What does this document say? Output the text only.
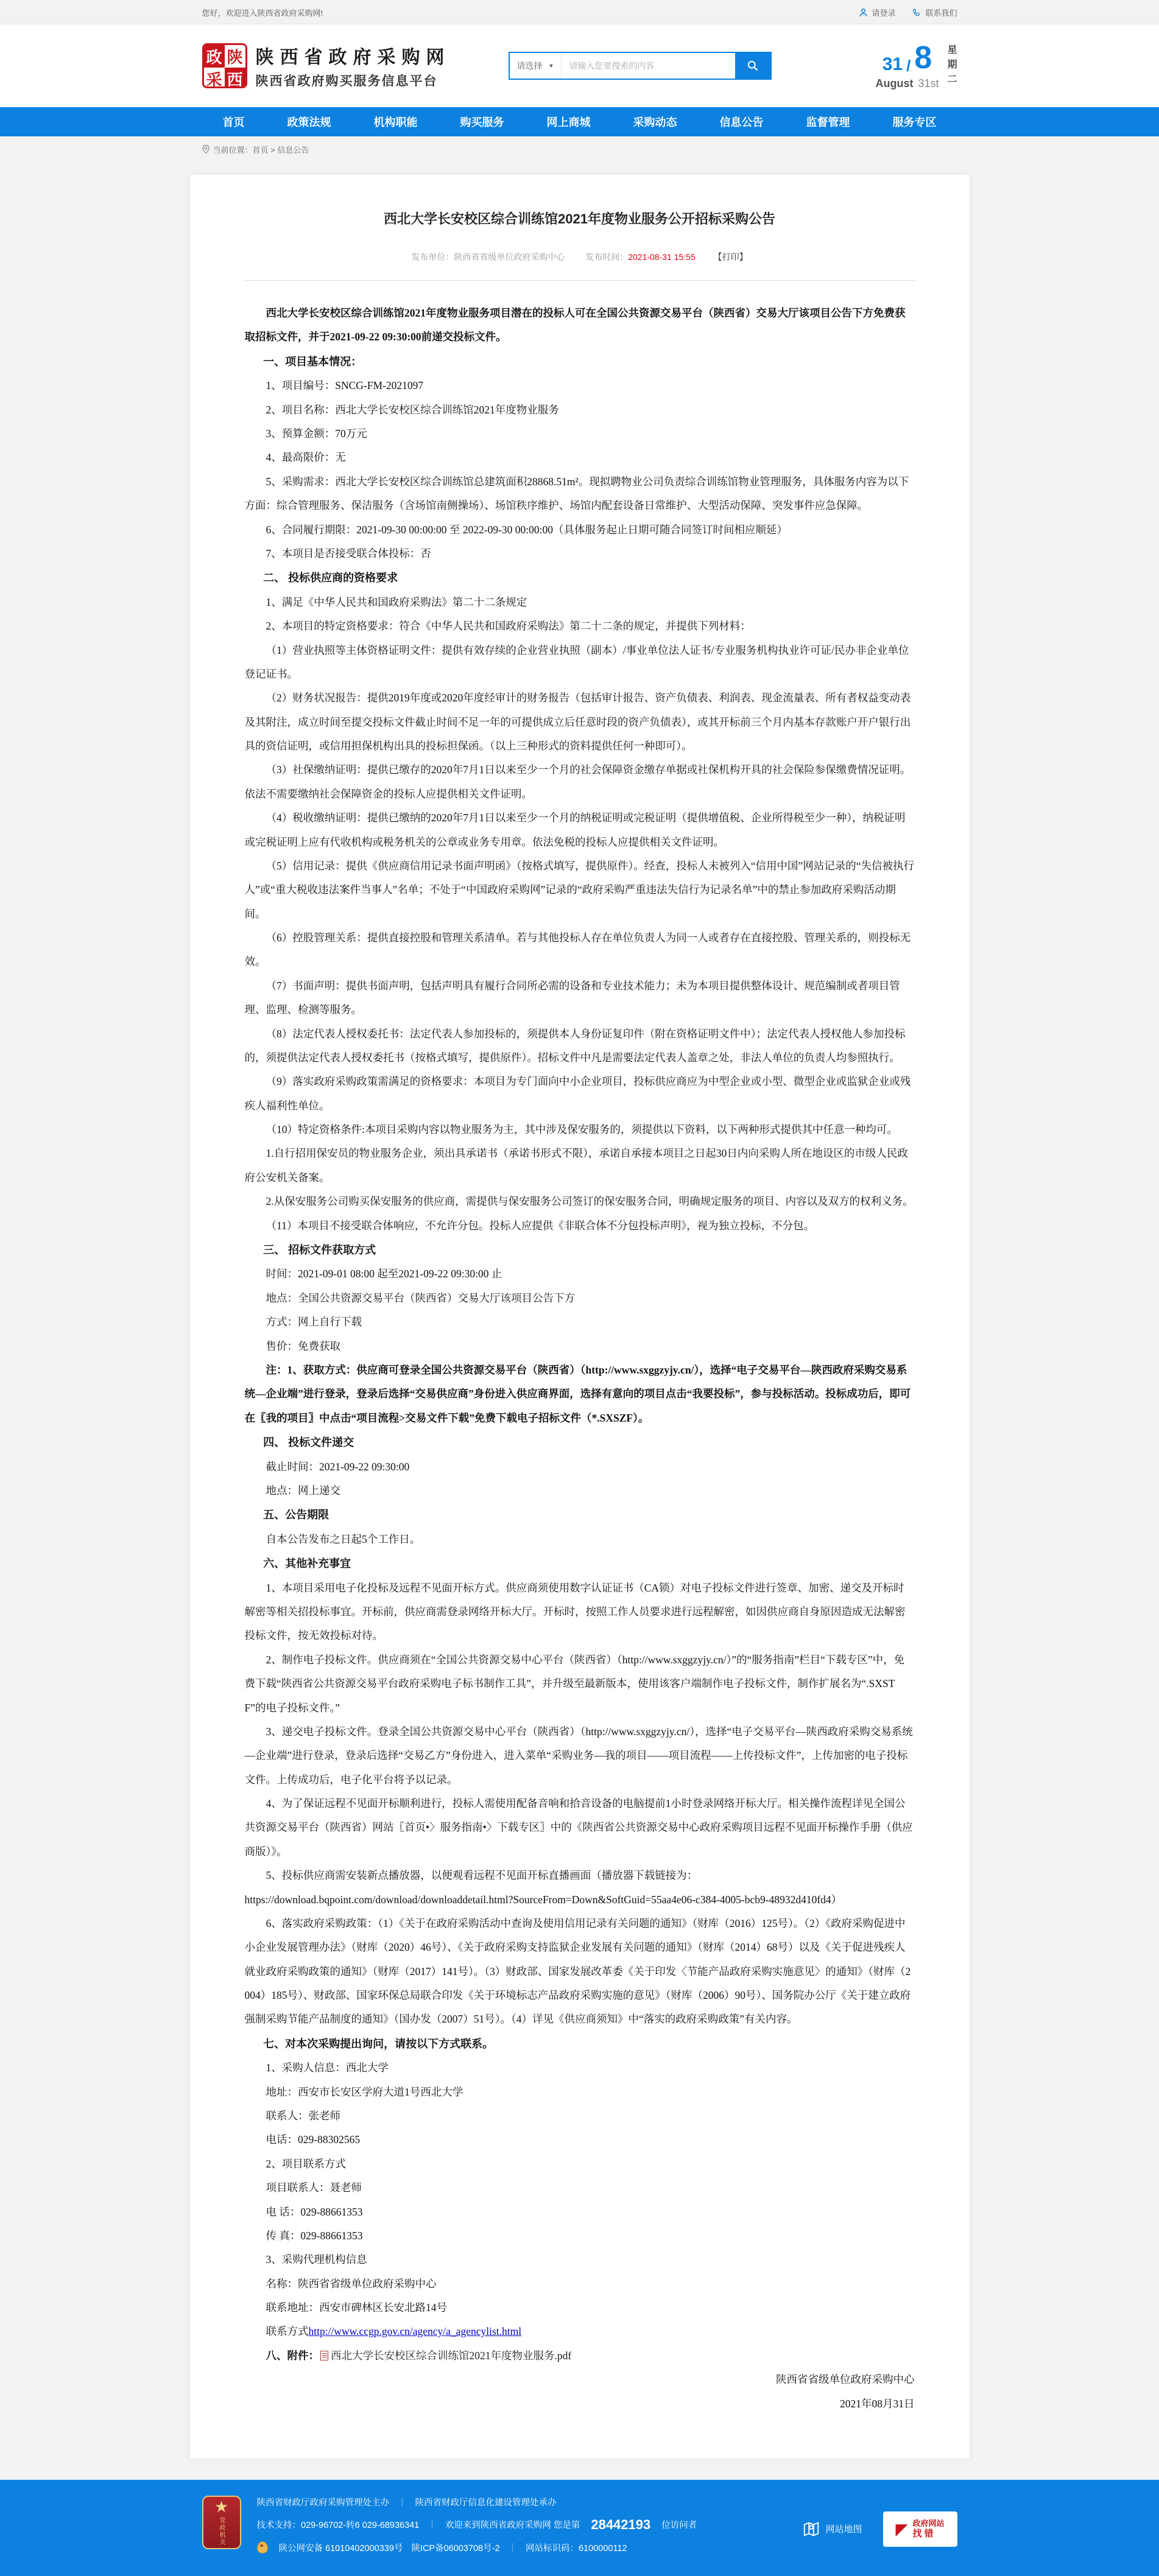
您好，欢迎进入陕西省政府采购网!	请登录	联系我们
政 陕
采 西
陕西省政府采购网
陕西省政府购买服务信息平台
请选择 ▼
请输入您要搜索的内容	31 / 8
August 31st
星
期
二
首页	政策法规	机构职能	购买服务	网上商城	采购动态	信息公告	监督管理	服务专区
当前位置：首页 > 信息公告
西北大学长安校区综合训练馆2021年度物业服务公开招标采购公告
发布单位：陕西省省级单位政府采购中心 发布时间：2021-08-31 15:55 【打印】

西北大学长安校区综合训练馆2021年度物业服务项目潜在的投标人可在全国公共资源交易平台（陕西省）交易大厅该项目公告下方免费获取招标文件，并于2021-09-22 09:30:00前递交投标文件。

一、项目基本情况：

1、项目编号：SNCG-FM-2021097

2、项目名称：西北大学长安校区综合训练馆2021年度物业服务

3、预算金额：70万元

4、最高限价：无

5、采购需求：西北大学长安校区综合训练馆总建筑面积28868.51m²。现拟聘物业公司负责综合训练馆物业管理服务，具体服务内容为以下方面：综合管理服务、保洁服务（含场馆南侧操场）、场馆秩序维护、场馆内配套设备日常维护、大型活动保障、突发事件应急保障。

6、合同履行期限：2021-09-30 00:00:00 至 2022-09-30 00:00:00（具体服务起止日期可随合同签订时间相应顺延）

7、本项目是否接受联合体投标：否

二、 投标供应商的资格要求

1、满足《中华人民共和国政府采购法》第二十二条规定

2、本项目的特定资格要求：符合《中华人民共和国政府采购法》第二十二条的规定，并提供下列材料：

（1）营业执照等主体资格证明文件：提供有效存续的企业营业执照（副本）/事业单位法人证书/专业服务机构执业许可证/民办非企业单位登记证书。

（2）财务状况报告：提供2019年度或2020年度经审计的财务报告（包括审计报告、资产负债表、利润表、现金流量表、所有者权益变动表及其附注，成立时间至提交投标文件截止时间不足一年的可提供成立后任意时段的资产负债表），或其开标前三个月内基本存款账户开户银行出具的资信证明，或信用担保机构出具的投标担保函。（以上三种形式的资料提供任何一种即可）。

（3）社保缴纳证明：提供已缴存的2020年7月1日以来至少一个月的社会保障资金缴存单据或社保机构开具的社会保险参保缴费情况证明。依法不需要缴纳社会保障资金的投标人应提供相关文件证明。

（4）税收缴纳证明：提供已缴纳的2020年7月1日以来至少一个月的纳税证明或完税证明（提供增值税、企业所得税至少一种），纳税证明或完税证明上应有代收机构或税务机关的公章或业务专用章。依法免税的投标人应提供相关文件证明。

（5）信用记录：提供《供应商信用记录书面声明函》（按格式填写，提供原件）。经查，投标人未被列入“信用中国”网站记录的“失信被执行人”或“重大税收违法案件当事人”名单；不处于“中国政府采购网”记录的“政府采购严重违法失信行为记录名单”中的禁止参加政府采购活动期间。

（6）控股管理关系：提供直接控股和管理关系清单。若与其他投标人存在单位负责人为同一人或者存在直接控股、管理关系的，则投标无效。

（7）书面声明：提供书面声明，包括声明具有履行合同所必需的设备和专业技术能力；未为本项目提供整体设计、规范编制或者项目管理、监理、检测等服务。

（8）法定代表人授权委托书：法定代表人参加投标的，须提供本人身份证复印件（附在资格证明文件中）；法定代表人授权他人参加投标的，须提供法定代表人授权委托书（按格式填写，提供原件）。招标文件中凡是需要法定代表人盖章之处，非法人单位的负责人均参照执行。

（9）落实政府采购政策需满足的资格要求：本项目为专门面向中小企业项目，投标供应商应为中型企业或小型、微型企业或监狱企业或残疾人福利性单位。

（10）特定资格条件:本项目采购内容以物业服务为主，其中涉及保安服务的，须提供以下资料，以下两种形式提供其中任意一种均可。

1.自行招用保安员的物业服务企业，须出具承诺书（承诺书形式不限），承诺自承接本项目之日起30日内向采购人所在地设区的市级人民政府公安机关备案。

2.从保安服务公司购买保安服务的供应商，需提供与保安服务公司签订的保安服务合同，明确规定服务的项目、内容以及双方的权利义务。

（11）本项目不接受联合体响应，不允许分包。投标人应提供《非联合体不分包投标声明》，视为独立投标，不分包。

三、 招标文件获取方式

时间：2021-09-01 08:00 起至2021-09-22 09:30:00 止

地点：全国公共资源交易平台（陕西省）交易大厅该项目公告下方

方式：网上自行下载

售价：免费获取

注：1、获取方式：供应商可登录全国公共资源交易平台（陕西省）（http://www.sxggzyjy.cn/），选择“电子交易平台—陕西政府采购交易系统—企业端”进行登录，登录后选择“交易供应商”身份进入供应商界面，选择有意向的项目点击“我要投标”，参与投标活动。投标成功后，即可在〖我的项目〗中点击“项目流程>交易文件下载”免费下载电子招标文件（*.SXSZF）。

四、 投标文件递交

截止时间：2021-09-22 09:30:00

地点：网上递交

五、公告期限

自本公告发布之日起5个工作日。

六、其他补充事宜

1、本项目采用电子化投标及远程不见面开标方式。供应商须使用数字认证证书（CA锁）对电子投标文件进行签章、加密、递交及开标时解密等相关招投标事宜。开标前，供应商需登录网络开标大厅。开标时，按照工作人员要求进行远程解密，如因供应商自身原因造成无法解密投标文件，按无效投标对待。

2、制作电子投标文件。供应商须在“全国公共资源交易中心平台（陕西省）（http://www.sxggzyjy.cn/）”的“服务指南”栏目“下载专区”中，免费下载“陕西省公共资源交易平台政府采购电子标书制作工具”，并升级至最新版本，使用该客户端制作电子投标文件，制作扩展名为“.SXSTF”的电子投标文件。”

3、递交电子投标文件。登录全国公共资源交易中心平台（陕西省）（http://www.sxggzyjy.cn/），选择“电子交易平台—陕西政府采购交易系统—企业端”进行登录，登录后选择“交易乙方”身份进入，进入菜单“采购业务—我的项目——项目流程——上传投标文件”，上传加密的电子投标文件。上传成功后，电子化平台将予以记录。

4、为了保证远程不见面开标顺利进行，投标人需使用配备音响和拾音设备的电脑提前1小时登录网络开标大厅。相关操作流程详见全国公共资源交易平台（陕西省）网站〖首页•〉服务指南•〉下载专区〗中的《陕西省公共资源交易中心政府采购项目远程不见面开标操作手册（供应商版）》。

5、投标供应商需安装新点播放器，以便观看远程不见面开标直播画面（播放器下载链接为：

https://download.bqpoint.com/download/downloaddetail.html?SourceFrom=Down&SoftGuid=55aa4e06-c384-4005-bcb9-48932d410fd4）

6、落实政府采购政策：（1）《关于在政府采购活动中查询及使用信用记录有关问题的通知》（财库（2016）125号）。（2）《政府采购促进中小企业发展管理办法》（财库（2020）46号）、《关于政府采购支持监狱企业发展有关问题的通知》（财库（2014）68号）以及《关于促进残疾人就业政府采购政策的通知》（财库（2017）141号）。（3）财政部、国家发展改革委《关于印发〈节能产品政府采购实施意见〉的通知》（财库（2004）185号）、财政部、国家环保总局联合印发《关于环境标志产品政府采购实施的意见》（财库（2006）90号）、国务院办公厅《关于建立政府强制采购节能产品制度的通知》（国办发（2007）51号）。（4）详见《供应商须知》中“落实的政府采购政策”有关内容。

七、对本次采购提出询问，请按以下方式联系。

1、采购人信息：西北大学

地址：西安市长安区学府大道1号西北大学

联系人：张老师

电话：029-88302565

2、项目联系方式

项目联系人：聂老师

电 话：029-88661353

传 真：029-88661353

3、采购代理机构信息

名称：陕西省省级单位政府采购中心

联系地址：西安市碑林区长安北路14号

联系方式http://www.ccgp.gov.cn/agency/a_agencylist.html

八、附件： 西北大学长安校区综合训练馆2021年度物业服务.pdf

陕西省省级单位政府采购中心

2021年08月31日

★
党政机关
陕西省财政厅政府采购管理处主办 ｜ 陕西省财政厅信息化建设管理处承办
技术支持：029-96702-转6 029-68936341 ｜ 欢迎来到陕西省政府采购网 您是第 28442193 位访问者
★
陕公网安备 61010402000339号 陕ICP备06003708号-2 ｜ 网站标识码：6100000112
网站地图 ◤ 政府网站
找错
